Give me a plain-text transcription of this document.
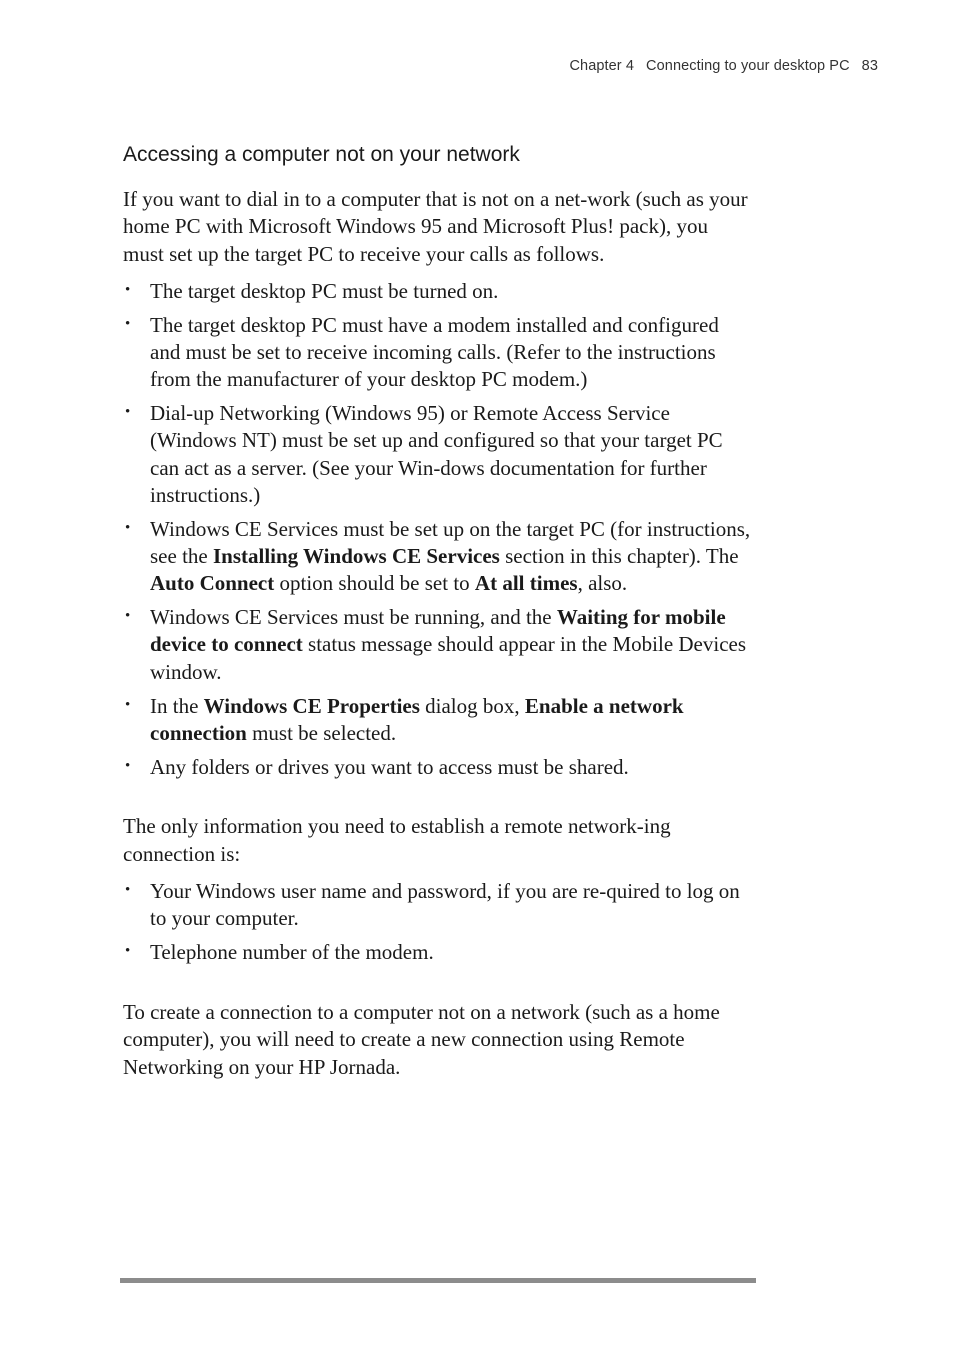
Chapter 4 Connecting to your desktop PC 83
Accessing a computer not on your network

If you want to dial in to a computer that is not on a net-work (such as your home PC with Microsoft Windows 95 and Microsoft Plus! pack), you must set up the target PC to receive your calls as follows.

• The target desktop PC must be turned on.
• The target desktop PC must have a modem installed and configured and must be set to receive incoming calls. (Refer to the instructions from the manufacturer of your desktop PC modem.)
• Dial-up Networking (Windows 95) or Remote Access Service (Windows NT) must be set up and configured so that your target PC can act as a server. (See your Win-dows documentation for further instructions.)
• Windows CE Services must be set up on the target PC (for instructions, see the Installing Windows CE Services section in this chapter). The Auto Connect option should be set to At all times, also.
• Windows CE Services must be running, and the Waiting for mobile device to connect status message should appear in the Mobile Devices window.
• In the Windows CE Properties dialog box, Enable a network connection must be selected.
• Any folders or drives you want to access must be shared.

The only information you need to establish a remote network-ing connection is:

• Your Windows user name and password, if you are re-quired to log on to your computer.
• Telephone number of the modem.

To create a connection to a computer not on a network (such as a home computer), you will need to create a new connection using Remote Networking on your HP Jornada.
